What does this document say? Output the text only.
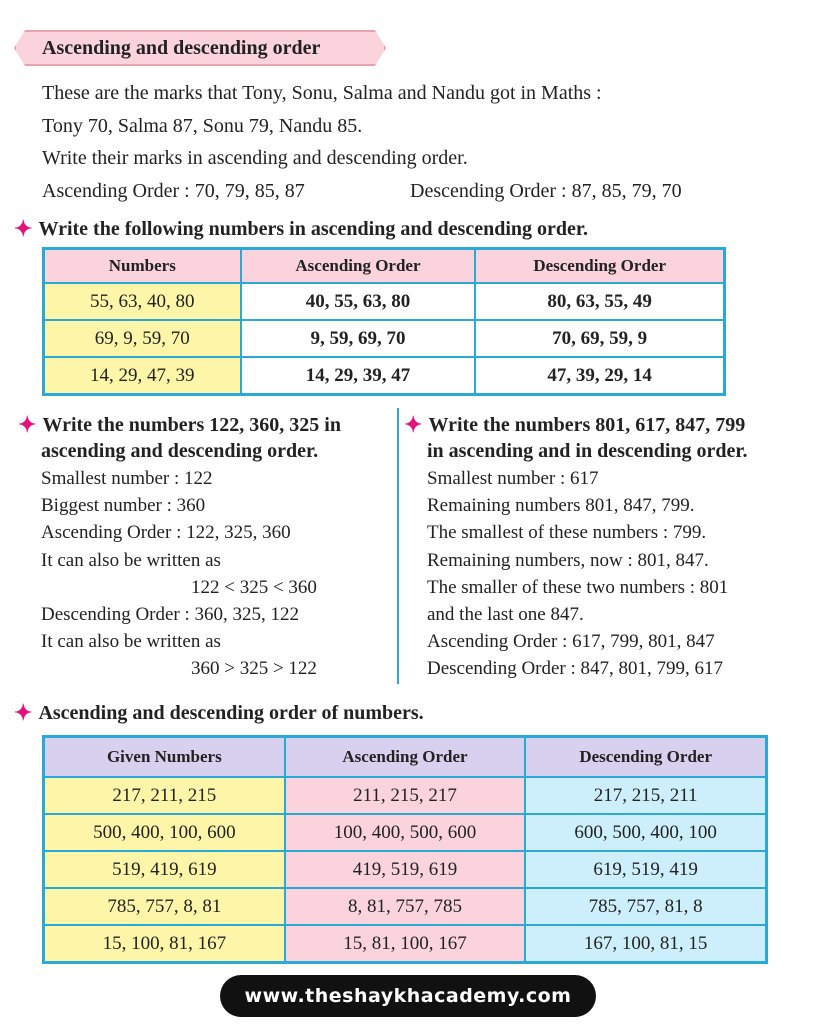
Ascending and descending order
These are the marks that Tony, Sonu, Salma and Nandu got in Maths :
Tony 70, Salma 87, Sonu 79, Nandu 85.
Write their marks in ascending and descending order.
Ascending Order : 70, 79, 85, 87	Descending Order : 87, 85, 79, 70
✦ Write the following numbers in ascending and descending order.
Numbers	Ascending Order	Descending Order
55, 63, 40, 80	40, 55, 63, 80	80, 63, 55, 49
69, 9, 59, 70	9, 59, 69, 70	70, 69, 59, 9
14, 29, 47, 39	14, 29, 39, 47	47, 39, 29, 14
✦ Write the numbers 122, 360, 325 in
ascending and descending order.
Smallest number : 122
Biggest number : 360
Ascending Order : 122, 325, 360
It can also be written as
122 < 325 < 360
Descending Order : 360, 325, 122
It can also be written as
360 > 325 > 122
✦ Write the numbers 801, 617, 847, 799
in ascending and in descending order.
Smallest number : 617
Remaining numbers 801, 847, 799.
The smallest of these numbers : 799.
Remaining numbers, now : 801, 847.
The smaller of these two numbers : 801
and the last one 847.
Ascending Order : 617, 799, 801, 847
Descending Order : 847, 801, 799, 617
✦ Ascending and descending order of numbers.
Given Numbers	Ascending Order	Descending Order
217, 211, 215	211, 215, 217	217, 215, 211
500, 400, 100, 600	100, 400, 500, 600	600, 500, 400, 100
519, 419, 619	419, 519, 619	619, 519, 419
785, 757, 8, 81	8, 81, 757, 785	785, 757, 81, 8
15, 100, 81, 167	15, 81, 100, 167	167, 100, 81, 15
www.theshaykhacademy.com
